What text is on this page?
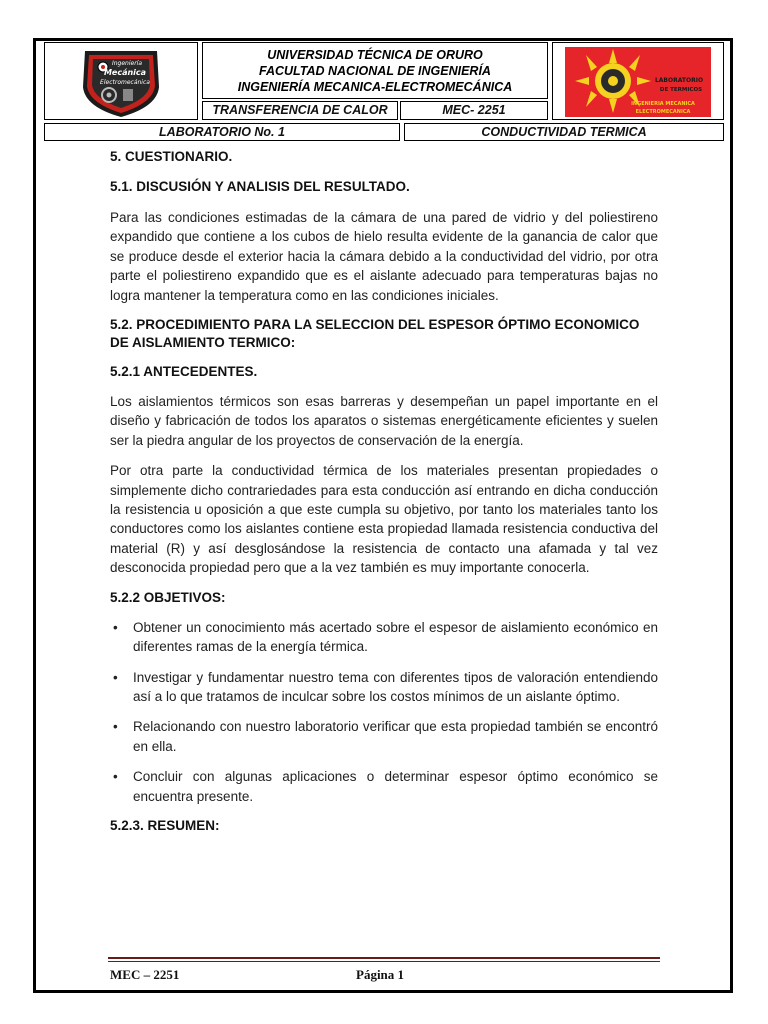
Ingeniería
Mecánica
Electromecánica
UNIVERSIDAD TÉCNICA DE ORURO
FACULTAD NACIONAL DE INGENIERÍA
INGENIERÍA MECANICA-ELECTROMECÁNICA	LABORATORIO
DE TERMICOS
INGENIERIA MECANICA
ELECTROMECANICA
TRANSFERENCIA DE CALOR	MEC- 2251
LABORATORIO No. 1	CONDUCTIVIDAD TERMICA
5. CUESTIONARIO.
5.1. DISCUSIÓN Y ANALISIS DEL RESULTADO.

Para las condiciones estimadas de la cámara de una pared de vidrio y del poliestireno expandido que contiene a los cubos de hielo resulta evidente de la ganancia de calor que se produce desde el exterior hacia la cámara debido a la conductividad del vidrio, por otra parte el poliestireno expandido que es el aislante adecuado para temperaturas bajas no logra mantener la temperatura como en las condiciones iniciales.

5.2. PROCEDIMIENTO PARA LA SELECCION DEL ESPESOR ÓPTIMO ECONOMICO DE AISLAMIENTO TERMICO:
5.2.1 ANTECEDENTES.

Los aislamientos térmicos son esas barreras y desempeñan un papel importante en el diseño y fabricación de todos los aparatos o sistemas energéticamente eficientes y suelen ser la piedra angular de los proyectos de conservación de la energía.

Por otra parte la conductividad térmica de los materiales presentan propiedades o simplemente dicho contrariedades para esta conducción así entrando en dicha conducción la resistencia u oposición a que este cumpla su objetivo, por tanto los materiales tanto los conductores como los aislantes contiene esta propiedad llamada resistencia conductiva del material (R) y así desglosándose la resistencia de contacto una afamada y tal vez desconocida propiedad pero que a la vez también es muy importante conocerla.

5.2.2 OBJETIVOS:
• Obtener un conocimiento más acertado sobre el espesor de aislamiento económico en diferentes ramas de la energía térmica.
• Investigar y fundamentar nuestro tema con diferentes tipos de valoración entendiendo así a lo que tratamos de inculcar sobre los costos mínimos de un aislante óptimo.
• Relacionando con nuestro laboratorio verificar que esta propiedad también se encontró en ella.
• Concluir con algunas aplicaciones o determinar espesor óptimo económico se encuentra presente.
5.2.3. RESUMEN:
MEC – 2251	Página 1
